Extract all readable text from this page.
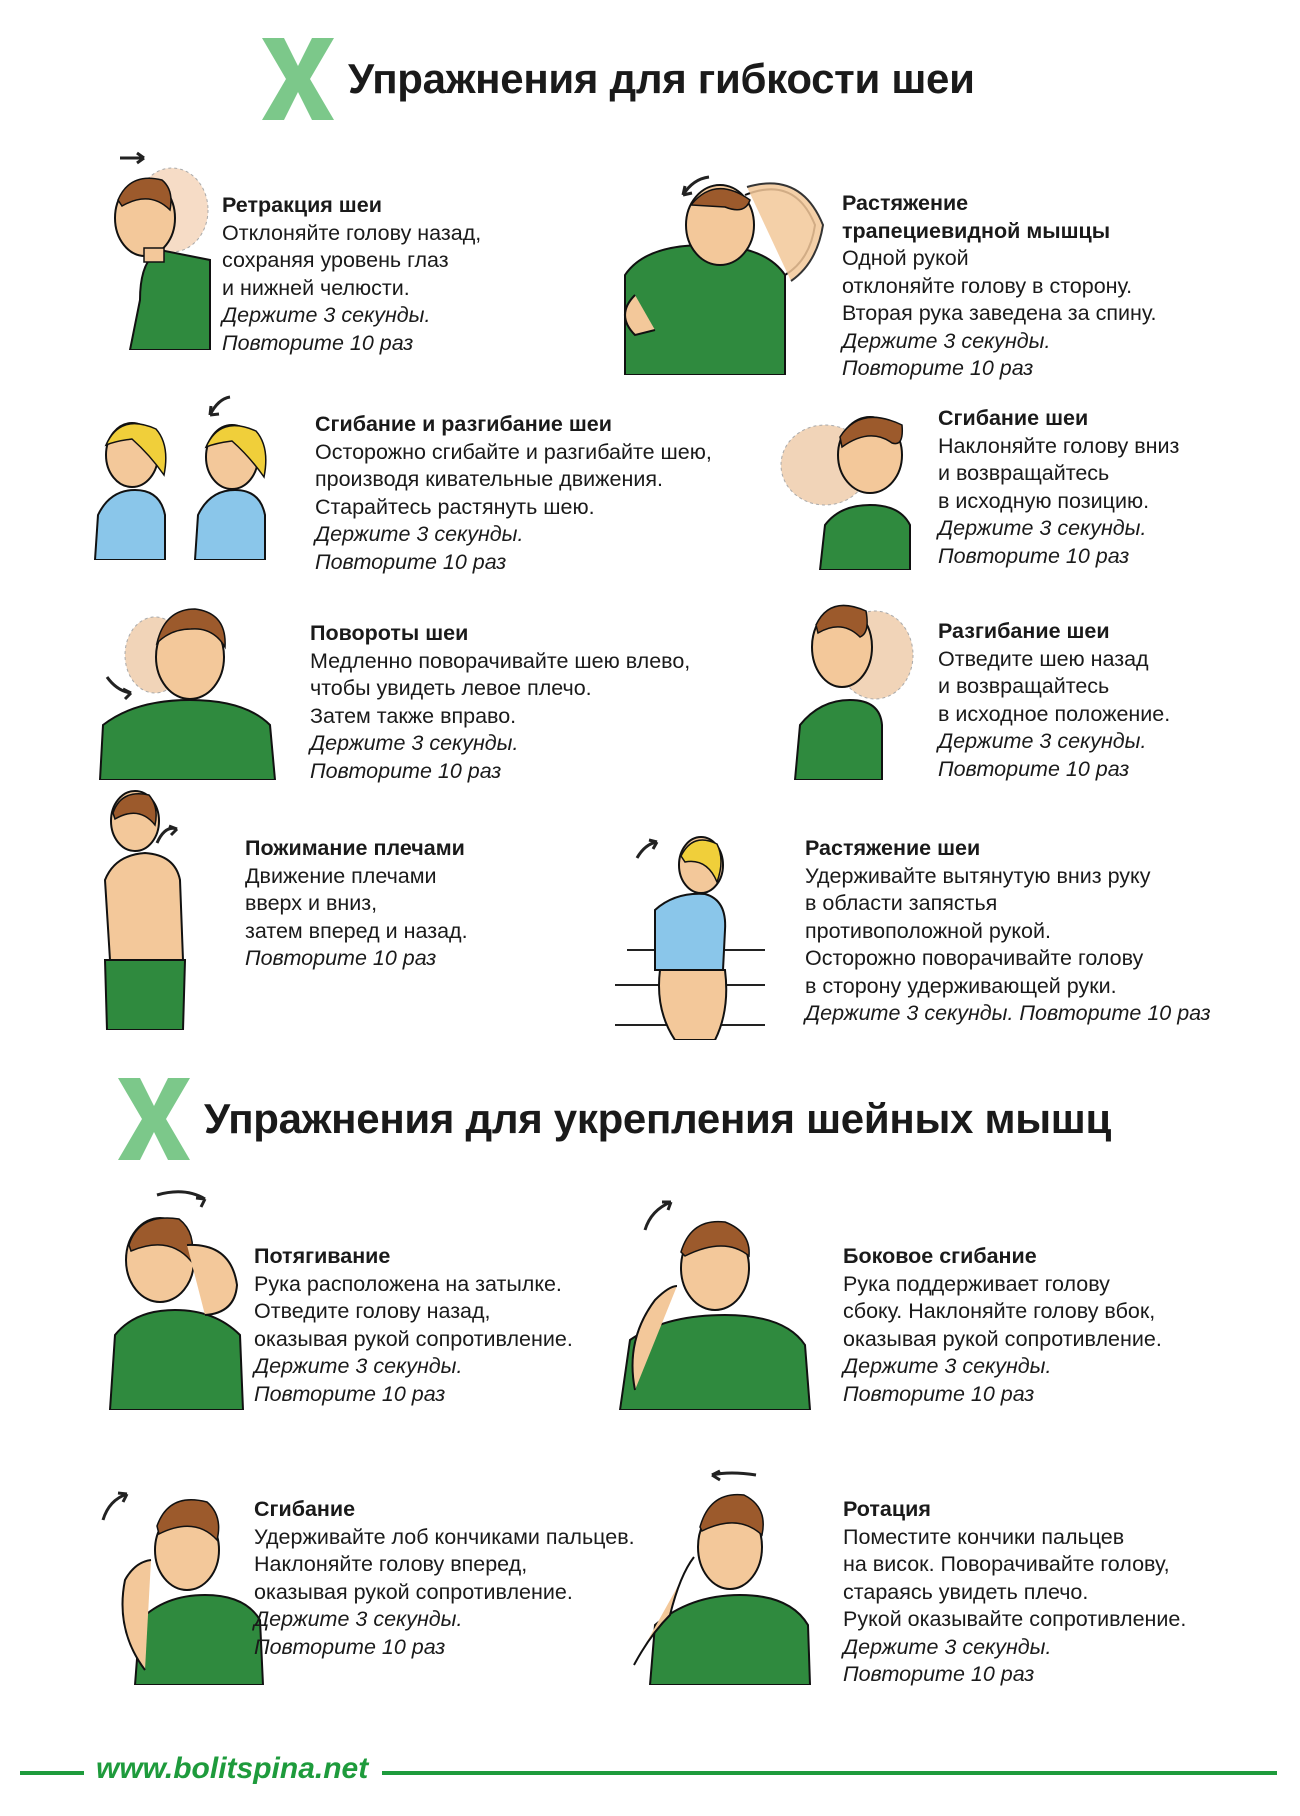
Упражнения для гибкости шеи
Упражнения для укрепления шейных мышц
Ретракция шеи
Отклоняйте голову назад,
сохраняя уровень глаз
и нижней челюсти.
Держите 3 секунды.
Повторите 10 раз
Растяжение
трапециевидной мышцы
Одной рукой
отклоняйте голову в сторону.
Вторая рука заведена за спину.
Держите 3 секунды.
Повторите 10 раз
Сгибание и разгибание шеи
Осторожно сгибайте и разгибайте шею,
производя кивательные движения.
Старайтесь растянуть шею.
Держите 3 секунды.
Повторите 10 раз
Сгибание шеи
Наклоняйте голову вниз
и возвращайтесь
в исходную позицию.
Держите 3 секунды.
Повторите 10 раз
Повороты шеи
Медленно поворачивайте шею влево,
чтобы увидеть левое плечо.
Затем также вправо.
Держите 3 секунды.
Повторите 10 раз
Разгибание шеи
Отведите шею назад
и возвращайтесь
в исходное положение.
Держите 3 секунды.
Повторите 10 раз
Пожимание плечами
Движение плечами
вверх и вниз,
затем вперед и назад.
Повторите 10 раз
Растяжение шеи
Удерживайте вытянутую вниз руку
в области запястья
противоположной рукой.
Осторожно поворачивайте голову
в сторону удерживающей руки.
Держите 3 секунды. Повторите 10 раз
Потягивание
Рука расположена на затылке.
Отведите голову назад,
оказывая рукой сопротивление.
Держите 3 секунды.
Повторите 10 раз
Боковое сгибание
Рука поддерживает голову
сбоку. Наклоняйте голову вбок,
оказывая рукой сопротивление.
Держите 3 секунды.
Повторите 10 раз
Сгибание
Удерживайте лоб кончиками пальцев.
Наклоняйте голову вперед,
оказывая рукой сопротивление.
Держите 3 секунды.
Повторите 10 раз
Ротация
Поместите кончики пальцев
на висок. Поворачивайте голову,
стараясь увидеть плечо.
Рукой оказывайте сопротивление.
Держите 3 секунды.
Повторите 10 раз
www.bolitspina.net
